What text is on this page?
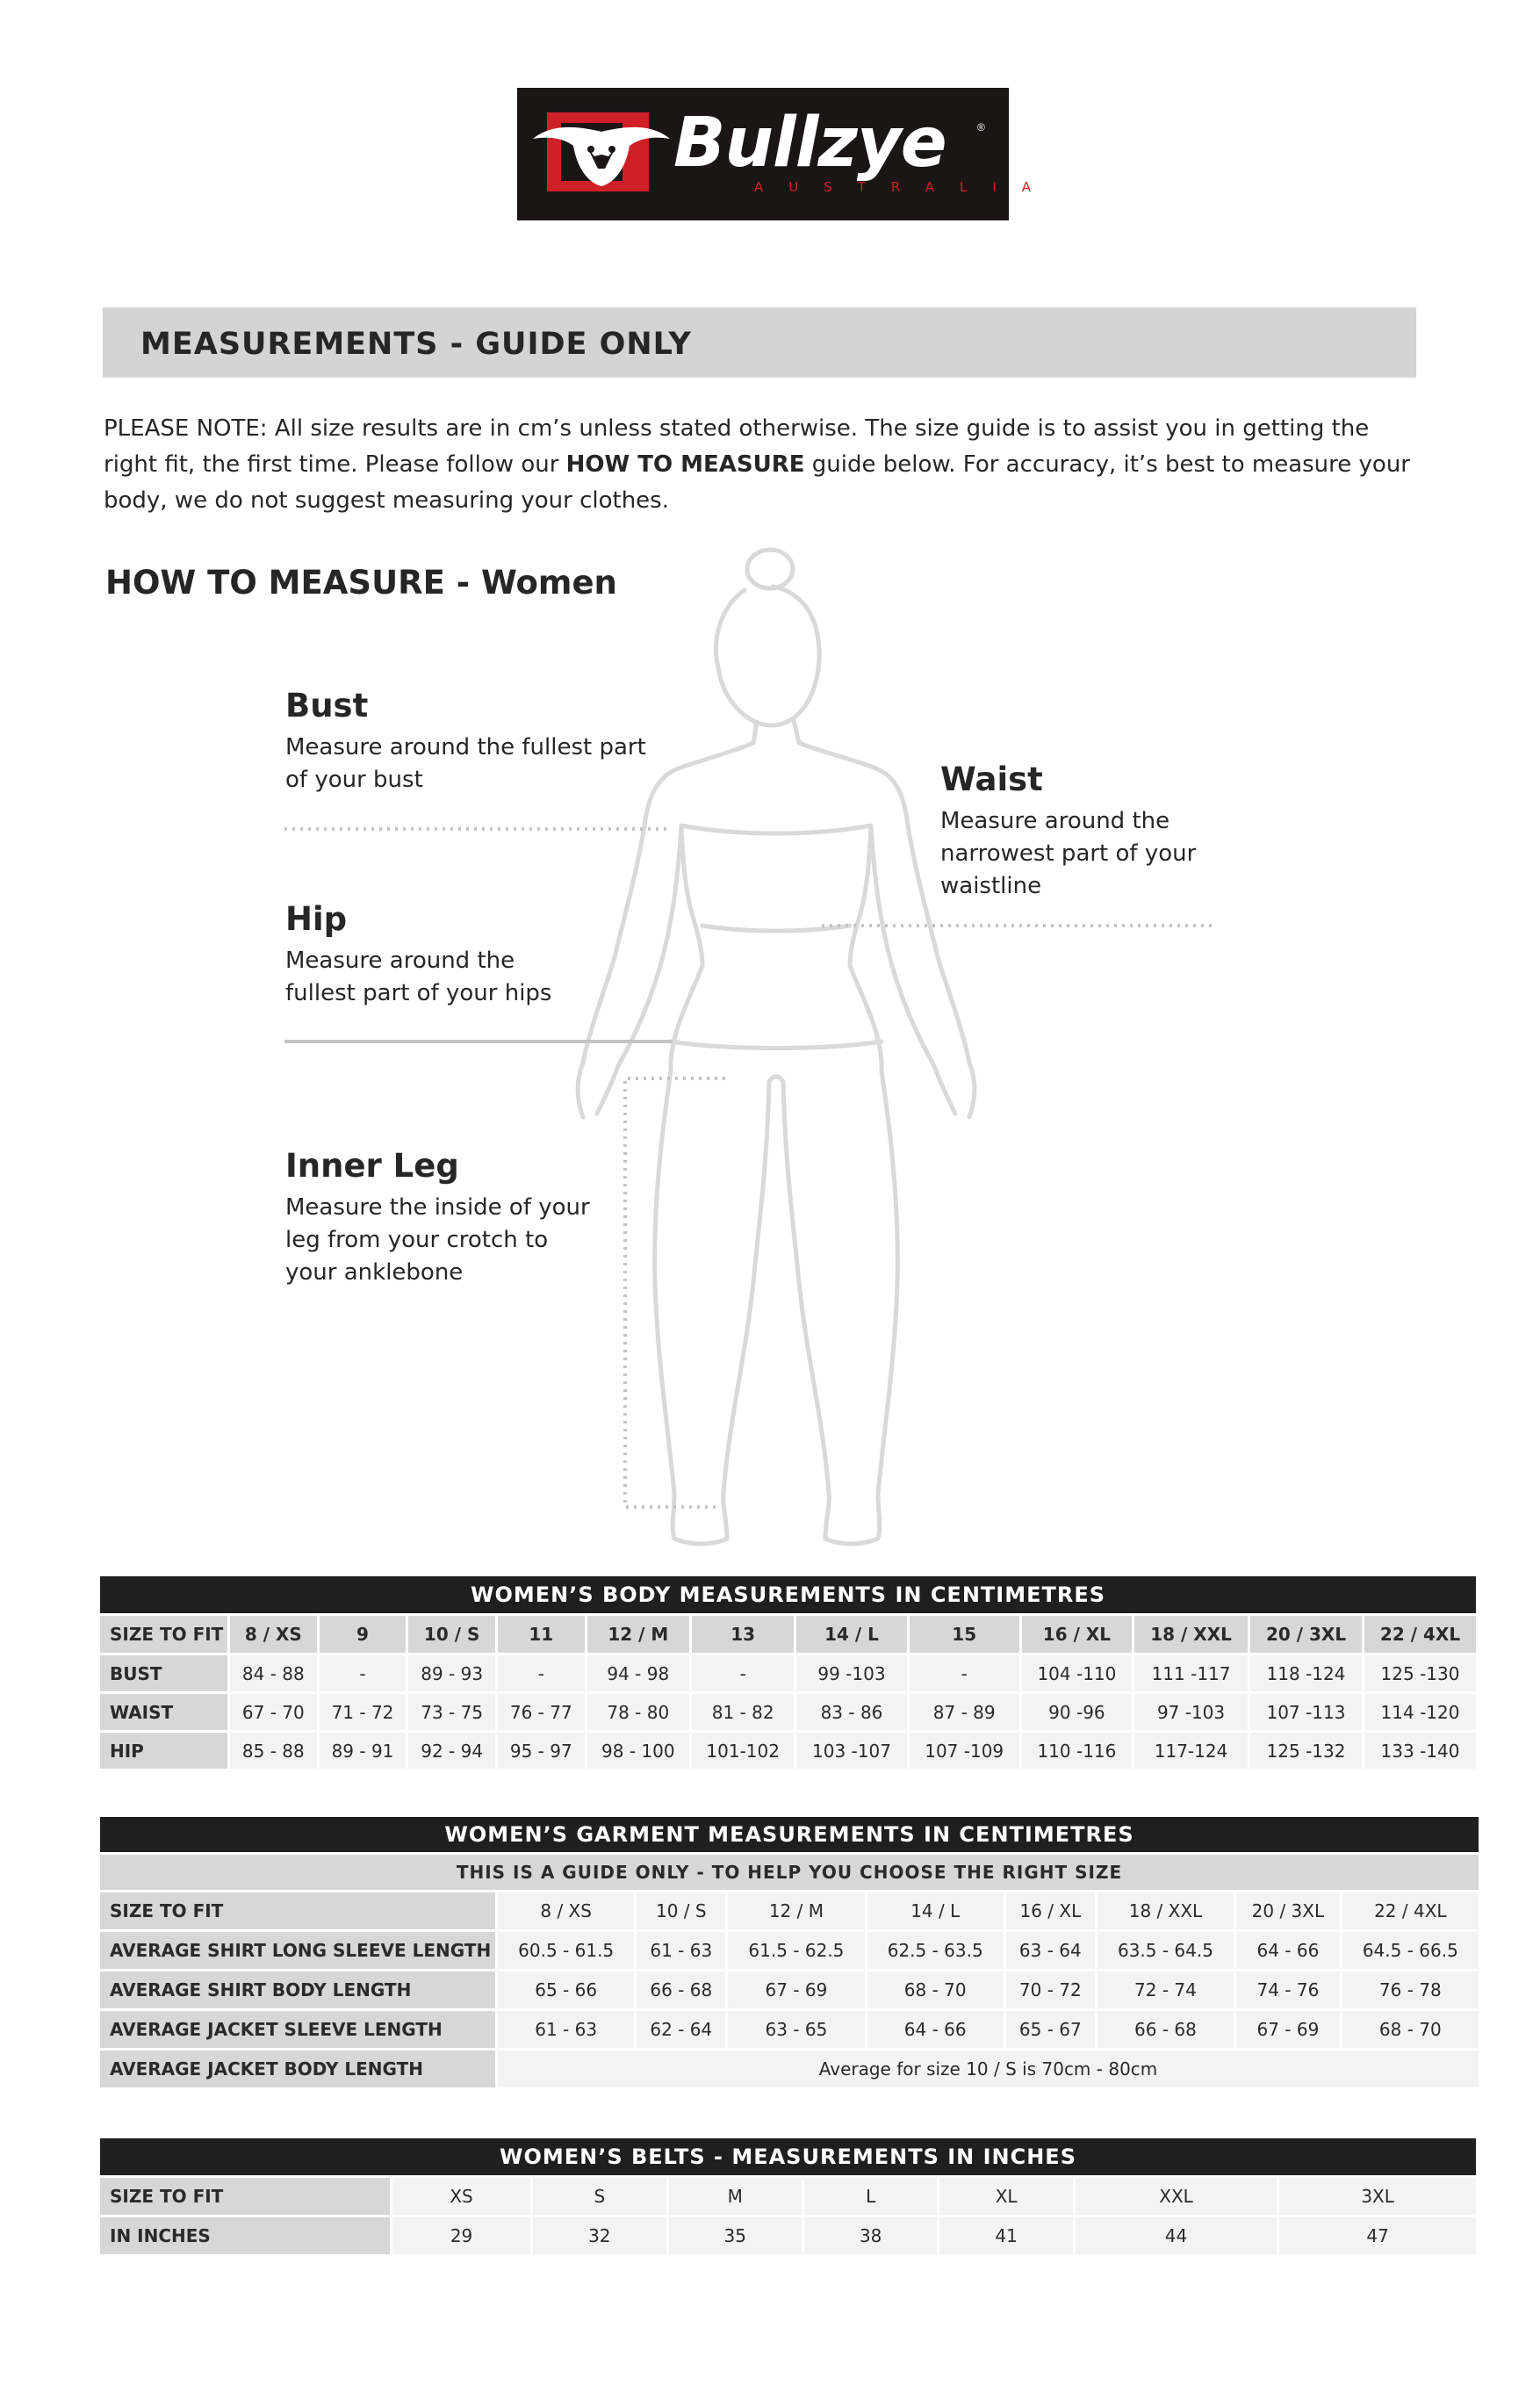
Bullzye	®
AUSTRALIA
MEASUREMENTS - GUIDE ONLY

PLEASE NOTE: All size results are in cm’s unless stated otherwise. The size guide is to assist you in getting the right fit, the first time. Please follow our HOW TO MEASURE guide below. For accuracy, it’s best to measure your body, we do not suggest measuring your clothes.

HOW TO MEASURE - Women
Bust
Measure around the fullest part of your bust	Waist
Measure around the narrowest part of your waistline
Hip
Measure around the fullest part of your hips
Inner Leg
Measure the inside of your leg from your crotch to your anklebone
WOMEN’S BODY MEASUREMENTS IN CENTIMETRES												
SIZE TO FIT	8 / XS	9	10 / S	11	12 / M	13	14 / L	15	16 / XL	18 / XXL	20 / 3XL	22 / 4XL
BUST	84 - 88	-	89 - 93	-	94 - 98	-	99 -103	-	104 -110	111 -117	118 -124	125 -130
WAIST	67 - 70	71 - 72	73 - 75	76 - 77	78 - 80	81 - 82	83 - 86	87 - 89	90 -96	97 -103	107 -113	114 -120
HIP	85 - 88	89 - 91	92 - 94	95 - 97	98 - 100	101-102	103 -107	107 -109	110 -116	117-124	125 -132	133 -140
WOMEN’S GARMENT MEASUREMENTS IN CENTIMETRES								
THIS IS A GUIDE ONLY - TO HELP YOU CHOOSE THE RIGHT SIZE								
SIZE TO FIT	8 / XS	10 / S	12 / M	14 / L	16 / XL	18 / XXL	20 / 3XL	22 / 4XL
AVERAGE SHIRT LONG SLEEVE LENGTH	60.5 - 61.5	61 - 63	61.5 - 62.5	62.5 - 63.5	63 - 64	63.5 - 64.5	64 - 66	64.5 - 66.5
AVERAGE SHIRT BODY LENGTH	65 - 66	66 - 68	67 - 69	68 - 70	70 - 72	72 - 74	74 - 76	76 - 78
AVERAGE JACKET SLEEVE LENGTH	61 - 63	62 - 64	63 - 65	64 - 66	65 - 67	66 - 68	67 - 69	68 - 70
AVERAGE JACKET BODY LENGTH	Average for size 10 / S is 70cm - 80cm							
WOMEN’S BELTS - MEASUREMENTS IN INCHES							
SIZE TO FIT	XS	S	M	L	XL	XXL	3XL
IN INCHES	29	32	35	38	41	44	47
